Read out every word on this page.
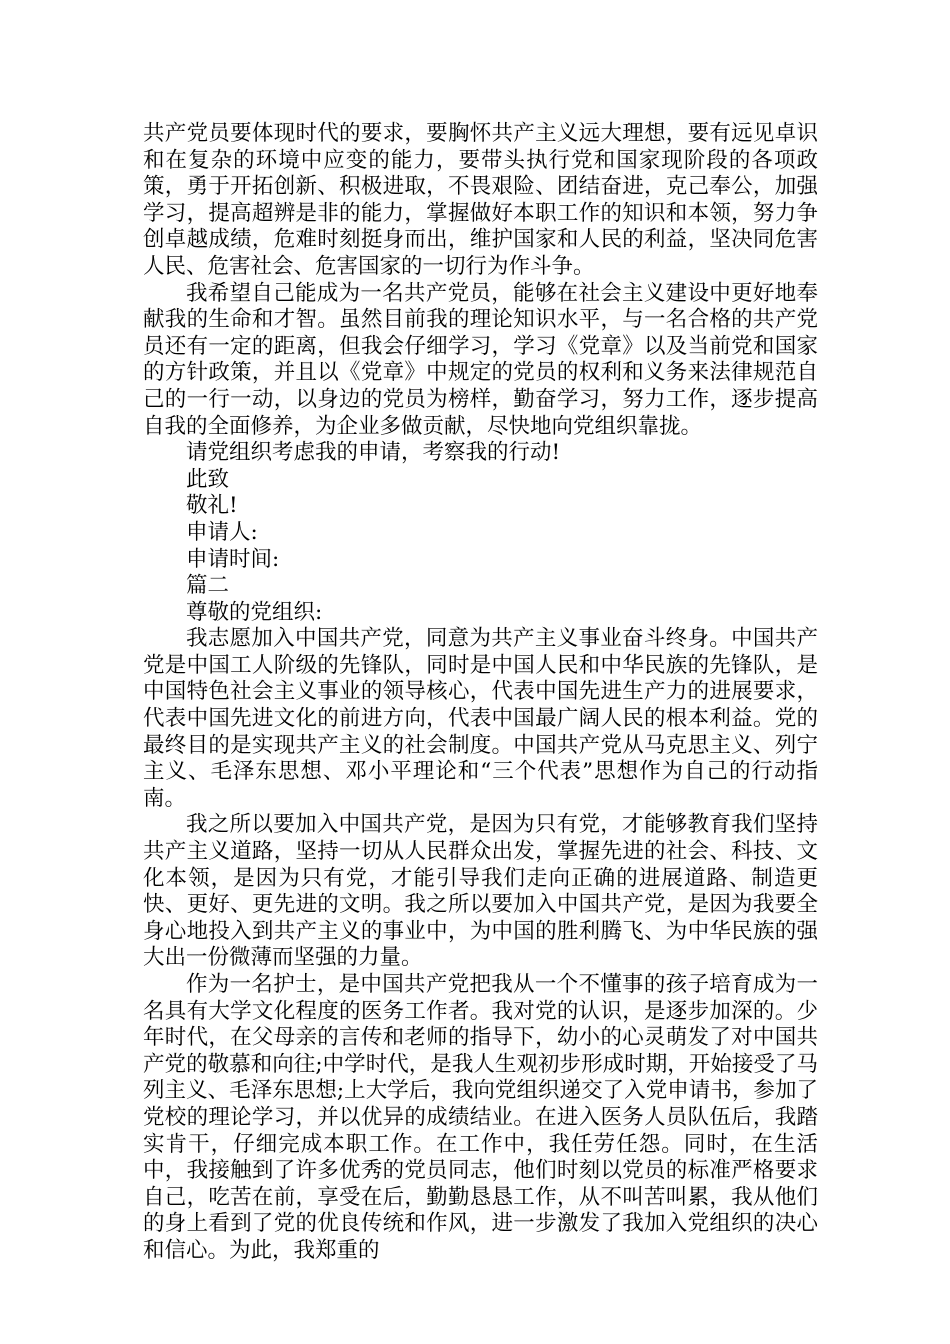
共产党员要体现时代的要求，要胸怀共产主义远大理想，要有远见卓识和在复杂的环境中应变的能力，要带头执行党和国家现阶段的各项政策，勇于开拓创新、积极进取，不畏艰险、团结奋进，克己奉公，加强学习，提高超辨是非的能力，掌握做好本职工作的知识和本领，努力争创卓越成绩，危难时刻挺身而出，维护国家和人民的利益，坚决同危害人民、危害社会、危害国家的一切行为作斗争。

我希望自己能成为一名共产党员，能够在社会主义建设中更好地奉献我的生命和才智。虽然目前我的理论知识水平，与一名合格的共产党员还有一定的距离，但我会仔细学习，学习《党章》以及当前党和国家的方针政策，并且以《党章》中规定的党员的权利和义务来法律规范自己的一行一动，以身边的党员为榜样，勤奋学习，努力工作，逐步提高自我的全面修养，为企业多做贡献，尽快地向党组织靠拢。

请党组织考虑我的申请，考察我的行动!

此致

敬礼!

申请人:

申请时间:

篇二

尊敬的党组织:

我志愿加入中国共产党，同意为共产主义事业奋斗终身。中国共产党是中国工人阶级的先锋队，同时是中国人民和中华民族的先锋队，是中国特色社会主义事业的领导核心，代表中国先进生产力的进展要求，代表中国先进文化的前进方向，代表中国最广阔人民的根本利益。党的最终目的是实现共产主义的社会制度。中国共产党从马克思主义、列宁主义、毛泽东思想、邓小平理论和“三个代表”思想作为自己的行动指南。

我之所以要加入中国共产党，是因为只有党，才能够教育我们坚持共产主义道路，坚持一切从人民群众出发，掌握先进的社会、科技、文化本领，是因为只有党，才能引导我们走向正确的进展道路、制造更快、更好、更先进的文明。我之所以要加入中国共产党，是因为我要全身心地投入到共产主义的事业中，为中国的胜利腾飞、为中华民族的强大出一份微薄而坚强的力量。

作为一名护士，是中国共产党把我从一个不懂事的孩子培育成为一名具有大学文化程度的医务工作者。我对党的认识，是逐步加深的。少年时代，在父母亲的言传和老师的指导下，幼小的心灵萌发了对中国共产党的敬慕和向往;中学时代，是我人生观初步形成时期，开始接受了马列主义、毛泽东思想;上大学后，我向党组织递交了入党申请书，参加了党校的理论学习，并以优异的成绩结业。在进入医务人员队伍后，我踏实肯干，仔细完成本职工作。在工作中，我任劳任怨。同时，在生活中，我接触到了许多优秀的党员同志，他们时刻以党员的标准严格要求自己，吃苦在前，享受在后，勤勤恳恳工作，从不叫苦叫累，我从他们的身上看到了党的优良传统和作风，进一步激发了我加入党组织的决心和信心。为此，我郑重的
